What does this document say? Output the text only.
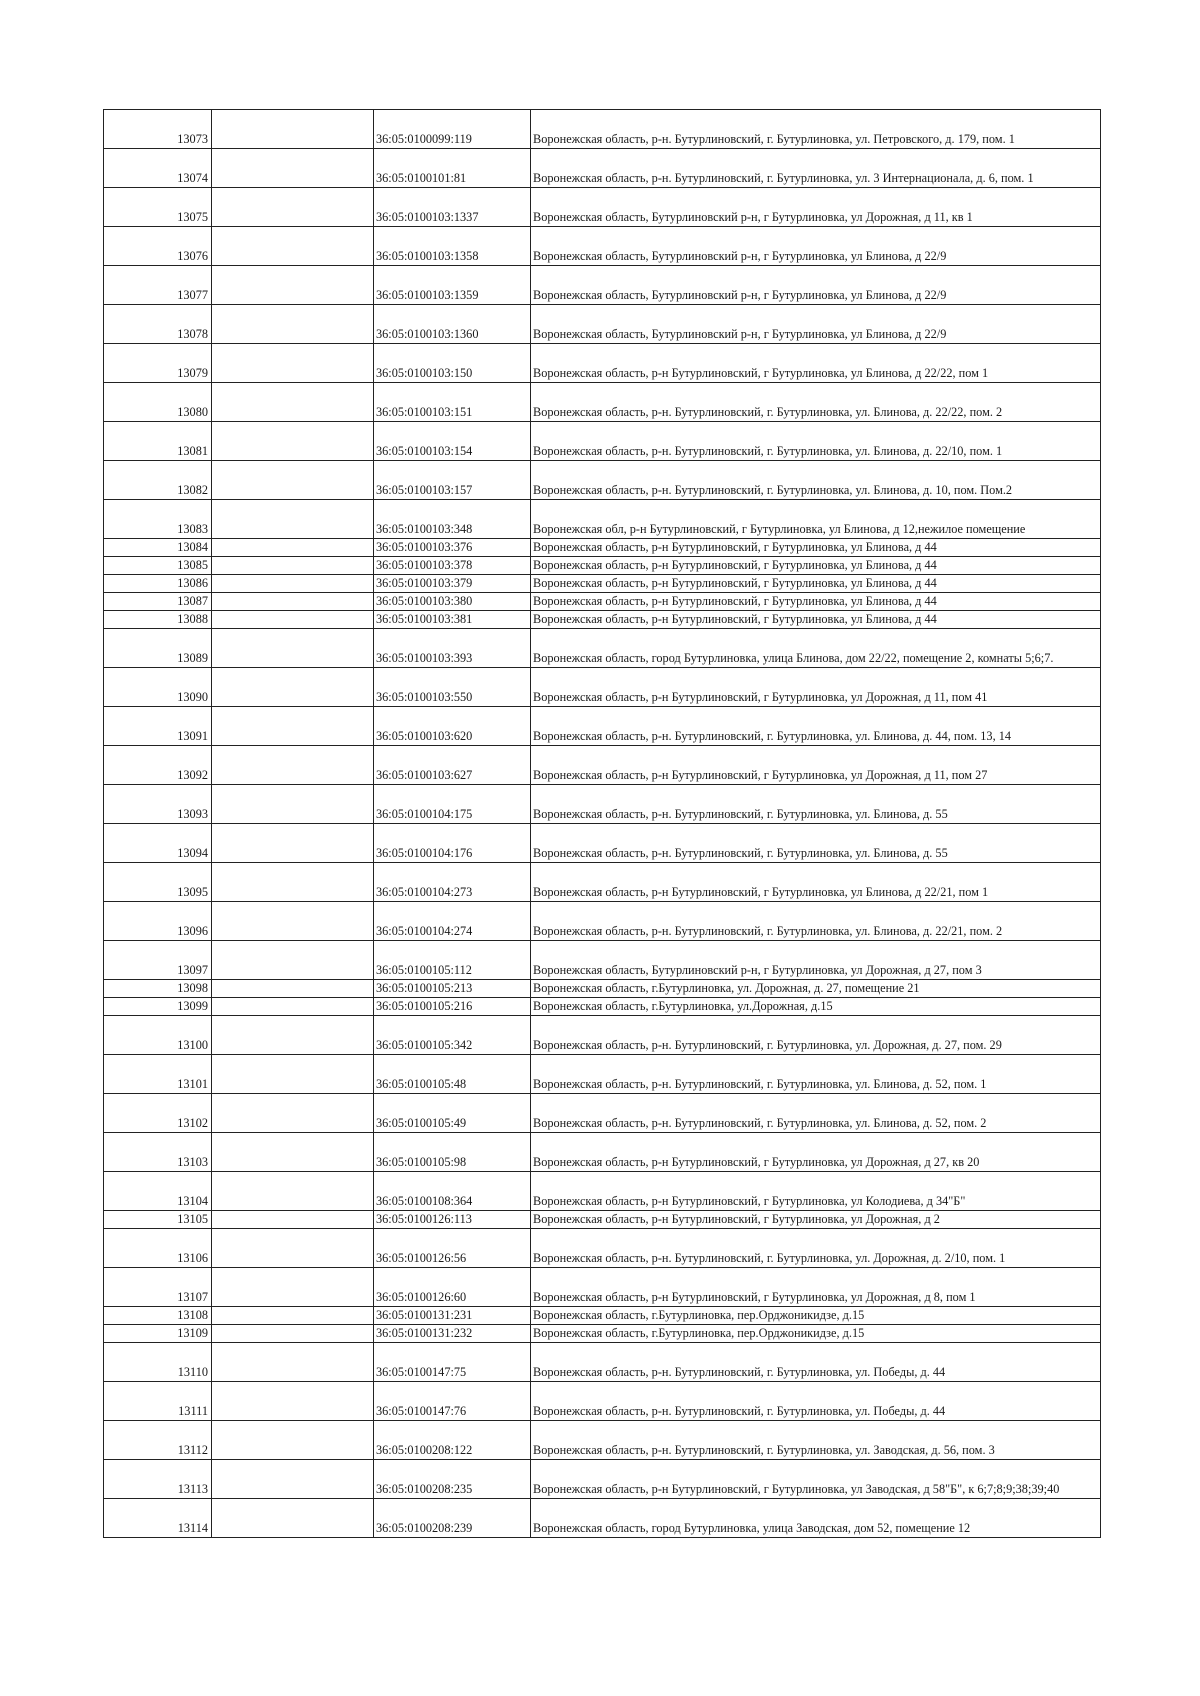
13073		36:05:0100099:119	Воронежская область, р-н. Бутурлиновский, г. Бутурлиновка, ул. Петровского, д. 179, пом. 1
13074		36:05:0100101:81	Воронежская область, р-н. Бутурлиновский, г. Бутурлиновка, ул. 3 Интернационала, д. 6, пом. 1
13075		36:05:0100103:1337	Воронежская область, Бутурлиновский р-н, г Бутурлиновка, ул Дорожная, д 11, кв 1
13076		36:05:0100103:1358	Воронежская область, Бутурлиновский р-н, г Бутурлиновка, ул Блинова, д 22/9
13077		36:05:0100103:1359	Воронежская область, Бутурлиновский р-н, г Бутурлиновка, ул Блинова, д 22/9
13078		36:05:0100103:1360	Воронежская область, Бутурлиновский р-н, г Бутурлиновка, ул Блинова, д 22/9
13079		36:05:0100103:150	Воронежская область, р-н Бутурлиновский, г Бутурлиновка, ул Блинова, д 22/22, пом 1
13080		36:05:0100103:151	Воронежская область, р-н. Бутурлиновский, г. Бутурлиновка, ул. Блинова, д. 22/22, пом. 2
13081		36:05:0100103:154	Воронежская область, р-н. Бутурлиновский, г. Бутурлиновка, ул. Блинова, д. 22/10, пом. 1
13082		36:05:0100103:157	Воронежская область, р-н. Бутурлиновский, г. Бутурлиновка, ул. Блинова, д. 10, пом. Пом.2
13083		36:05:0100103:348	Воронежская обл, р-н Бутурлиновский, г Бутурлиновка, ул Блинова, д 12,нежилое помещение
13084		36:05:0100103:376	Воронежская область, р-н Бутурлиновский, г Бутурлиновка, ул Блинова, д 44
13085		36:05:0100103:378	Воронежская область, р-н Бутурлиновский, г Бутурлиновка, ул Блинова, д 44
13086		36:05:0100103:379	Воронежская область, р-н Бутурлиновский, г Бутурлиновка, ул Блинова, д 44
13087		36:05:0100103:380	Воронежская область, р-н Бутурлиновский, г Бутурлиновка, ул Блинова, д 44
13088		36:05:0100103:381	Воронежская область, р-н Бутурлиновский, г Бутурлиновка, ул Блинова, д 44
13089		36:05:0100103:393	Воронежская область, город Бутурлиновка, улица Блинова, дом 22/22, помещение 2, комнаты 5;6;7.
13090		36:05:0100103:550	Воронежская область, р-н Бутурлиновский, г Бутурлиновка, ул Дорожная, д 11, пом 41
13091		36:05:0100103:620	Воронежская область, р-н. Бутурлиновский, г. Бутурлиновка, ул. Блинова, д. 44, пом. 13, 14
13092		36:05:0100103:627	Воронежская область, р-н Бутурлиновский, г Бутурлиновка, ул Дорожная, д 11, пом 27
13093		36:05:0100104:175	Воронежская область, р-н. Бутурлиновский, г. Бутурлиновка, ул. Блинова, д. 55
13094		36:05:0100104:176	Воронежская область, р-н. Бутурлиновский, г. Бутурлиновка, ул. Блинова, д. 55
13095		36:05:0100104:273	Воронежская область, р-н Бутурлиновский, г Бутурлиновка, ул Блинова, д 22/21, пом 1
13096		36:05:0100104:274	Воронежская область, р-н. Бутурлиновский, г. Бутурлиновка, ул. Блинова, д. 22/21, пом. 2
13097		36:05:0100105:112	Воронежская область, Бутурлиновский р-н, г Бутурлиновка, ул Дорожная, д 27, пом 3
13098		36:05:0100105:213	Воронежская область, г.Бутурлиновка, ул. Дорожная, д. 27, помещение 21
13099		36:05:0100105:216	Воронежская область, г.Бутурлиновка, ул.Дорожная, д.15
13100		36:05:0100105:342	Воронежская область, р-н. Бутурлиновский, г. Бутурлиновка, ул. Дорожная, д. 27, пом. 29
13101		36:05:0100105:48	Воронежская область, р-н. Бутурлиновский, г. Бутурлиновка, ул. Блинова, д. 52, пом. 1
13102		36:05:0100105:49	Воронежская область, р-н. Бутурлиновский, г. Бутурлиновка, ул. Блинова, д. 52, пом. 2
13103		36:05:0100105:98	Воронежская область, р-н Бутурлиновский, г Бутурлиновка, ул Дорожная, д 27, кв 20
13104		36:05:0100108:364	Воронежская область, р-н Бутурлиновский, г Бутурлиновка, ул Колодиева, д 34"Б"
13105		36:05:0100126:113	Воронежская область, р-н Бутурлиновский, г Бутурлиновка, ул Дорожная, д 2
13106		36:05:0100126:56	Воронежская область, р-н. Бутурлиновский, г. Бутурлиновка, ул. Дорожная, д. 2/10, пом. 1
13107		36:05:0100126:60	Воронежская область, р-н Бутурлиновский, г Бутурлиновка, ул Дорожная, д 8, пом 1
13108		36:05:0100131:231	Воронежская область, г.Бутурлиновка, пер.Орджоникидзе, д.15
13109		36:05:0100131:232	Воронежская область, г.Бутурлиновка, пер.Орджоникидзе, д.15
13110		36:05:0100147:75	Воронежская область, р-н. Бутурлиновский, г. Бутурлиновка, ул. Победы, д. 44
13111		36:05:0100147:76	Воронежская область, р-н. Бутурлиновский, г. Бутурлиновка, ул. Победы, д. 44
13112		36:05:0100208:122	Воронежская область, р-н. Бутурлиновский, г. Бутурлиновка, ул. Заводская, д. 56, пом. 3
13113		36:05:0100208:235	Воронежская область, р-н Бутурлиновский, г Бутурлиновка, ул Заводская, д 58"Б", к 6;7;8;9;38;39;40
13114		36:05:0100208:239	Воронежская область, город Бутурлиновка, улица Заводская, дом 52, помещение 12
